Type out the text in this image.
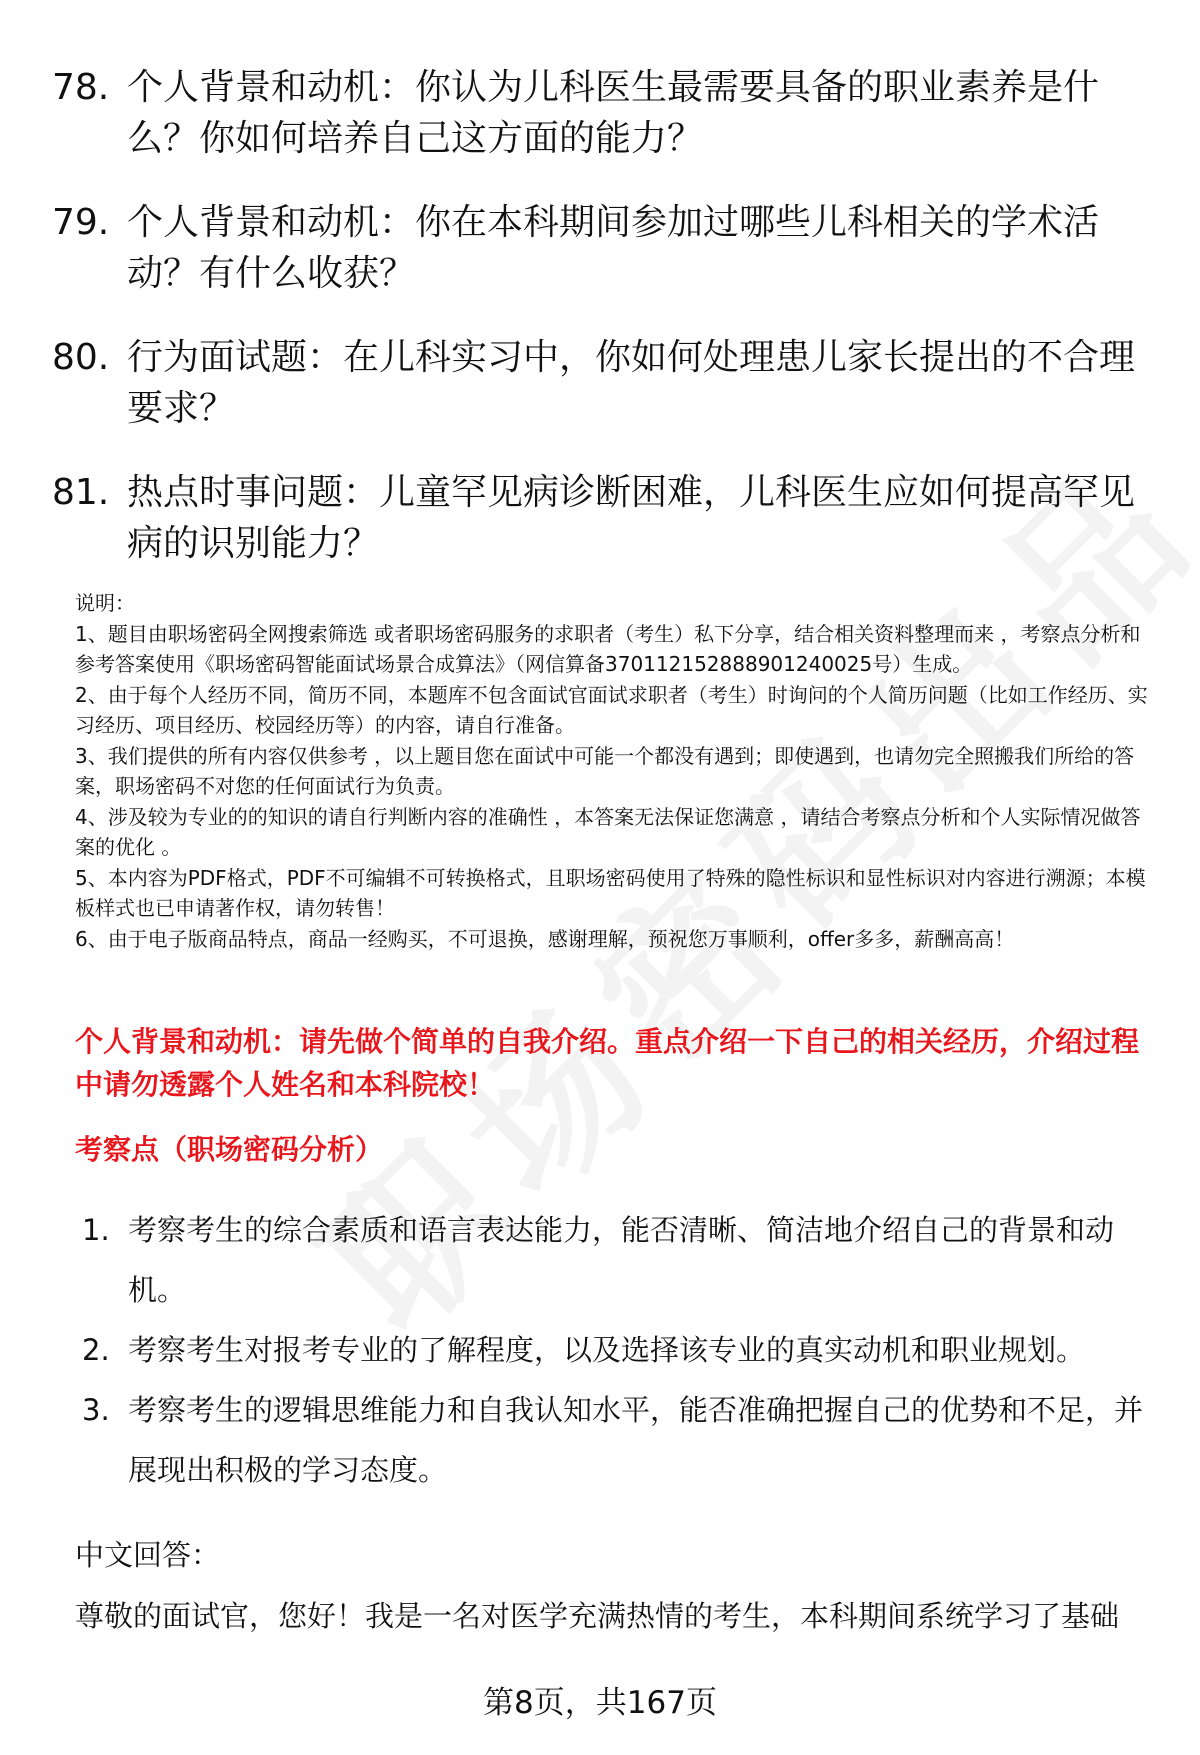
78. 个人背景和动机：你认为儿科医生最需要具备的职业素养是什么？你如何培养自己这方面的能力？
79. 个人背景和动机：你在本科期间参加过哪些儿科相关的学术活动？有什么收获？
80. 行为面试题：在儿科实习中，你如何处理患儿家长提出的不合理要求？
81. 热点时事问题：儿童罕见病诊断困难，儿科医生应如何提高罕见病的识别能力？

说明：

1、题目由职场密码全网搜索筛选 或者职场密码服务的求职者（考生）私下分享，结合相关资料整理而来 ，考察点分析和参考答案使用《职场密码智能面试场景合成算法》（网信算备370112152888901240025号）生成。

2、由于每个人经历不同，简历不同，本题库不包含面试官面试求职者（考生）时询问的个人简历问题（比如工作经历、实习经历、项目经历、校园经历等）的内容，请自行准备。

3、我们提供的所有内容仅供参考 ，以上题目您在面试中可能一个都没有遇到；即使遇到，也请勿完全照搬我们所给的答案，职场密码不对您的任何面试行为负责。

4、涉及较为专业的的知识的请自行判断内容的准确性 ，本答案无法保证您满意 ，请结合考察点分析和个人实际情况做答案的优化 。

5、本内容为PDF格式，PDF不可编辑不可转换格式，且职场密码使用了特殊的隐性标识和显性标识对内容进行溯源；本模板样式也已申请著作权，请勿转售！

6、由于电子版商品特点，商品一经购买，不可退换，感谢理解，预祝您万事顺利，offer多多，薪酬高高！

个人背景和动机：请先做个简单的自我介绍。重点介绍一下自己的相关经历，介绍过程中请勿透露个人姓名和本科院校！
考察点（职场密码分析）
1. 考察考生的综合素质和语言表达能力，能否清晰、简洁地介绍自己的背景和动机。
2. 考察考生对报考专业的了解程度，以及选择该专业的真实动机和职业规划。
3. 考察考生的逻辑思维能力和自我认知水平，能否准确把握自己的优势和不足，并展现出积极的学习态度。
中文回答：
尊敬的面试官，您好！我是一名对医学充满热情的考生，本科期间系统学习了基础
第8页，共167页
